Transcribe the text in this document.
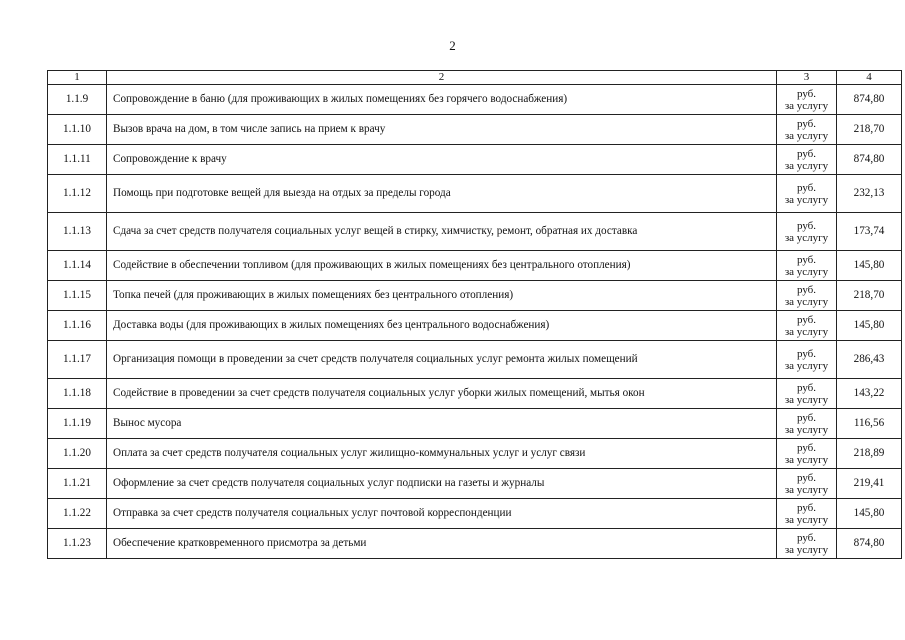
2
1	2	3	4
1.1.9	Сопровождение в баню (для проживающих в жилых помещениях без горячего водоснабжения)	руб.
за услугу	874,80
1.1.10	Вызов врача на дом, в том числе запись на прием к врачу	руб.
за услугу	218,70
1.1.11	Сопровождение к врачу	руб.
за услугу	874,80
1.1.12	Помощь при подготовке вещей для выезда на отдых за пределы города	руб.
за услугу	232,13
1.1.13	Сдача за счет средств получателя социальных услуг вещей в стирку, химчистку, ремонт, обратная их доставка	руб.
за услугу	173,74
1.1.14	Содействие в обеспечении топливом (для проживающих в жилых помещениях без центрального отопления)	руб.
за услугу	145,80
1.1.15	Топка печей (для проживающих в жилых помещениях без центрального отопления)	руб.
за услугу	218,70
1.1.16	Доставка воды (для проживающих в жилых помещениях без центрального водоснабжения)	руб.
за услугу	145,80
1.1.17	Организация помощи в проведении за счет средств получателя социальных услуг ремонта жилых помещений	руб.
за услугу	286,43
1.1.18	Содействие в проведении за счет средств получателя социальных услуг уборки жилых помещений, мытья окон	руб.
за услугу	143,22
1.1.19	Вынос мусора	руб.
за услугу	116,56
1.1.20	Оплата за счет средств получателя социальных услуг жилищно-коммунальных услуг и услуг связи	руб.
за услугу	218,89
1.1.21	Оформление за счет средств получателя социальных услуг подписки на газеты и журналы	руб.
за услугу	219,41
1.1.22	Отправка за счет средств получателя социальных услуг почтовой корреспонденции	руб.
за услугу	145,80
1.1.23	Обеспечение кратковременного присмотра за детьми	руб.
за услугу	874,80
